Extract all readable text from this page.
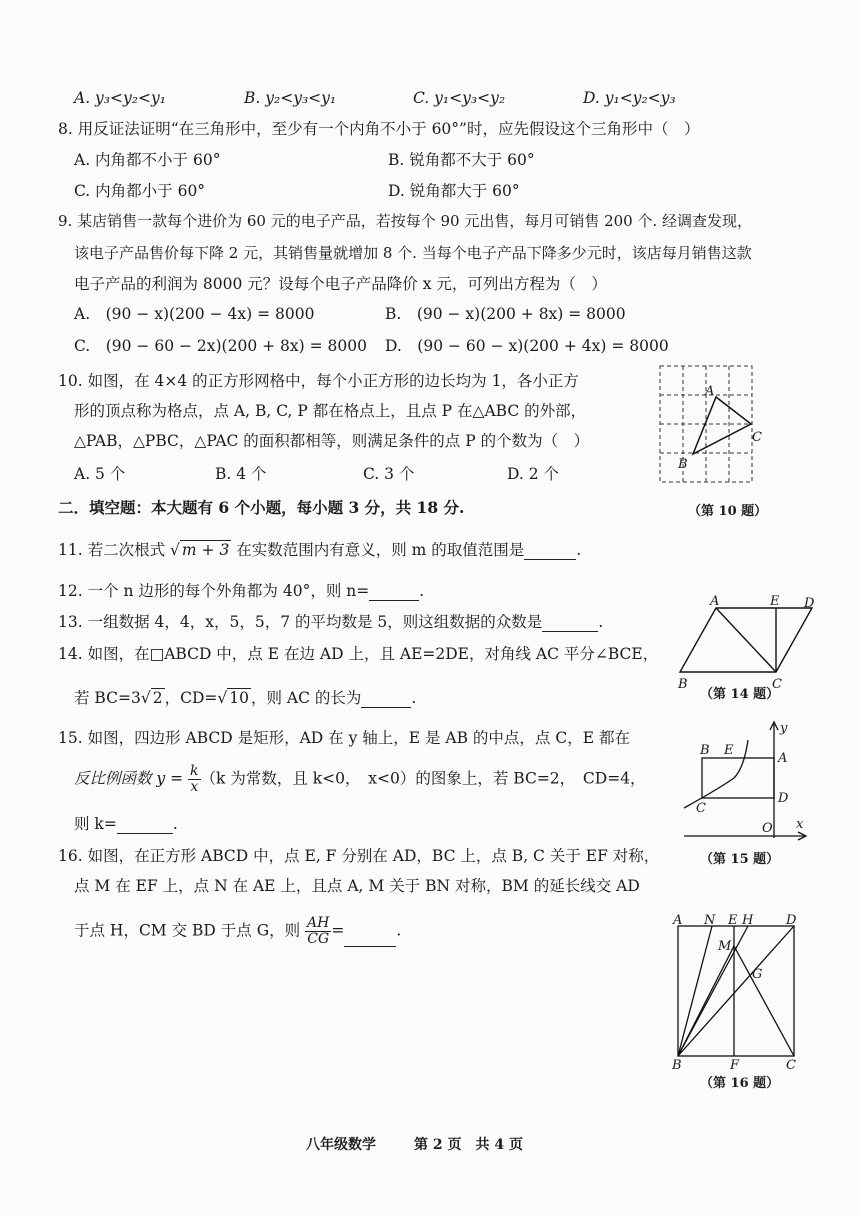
A. y₃<y₂<y₁	B. y₂<y₃<y₁	C. y₁<y₃<y₂	D. y₁<y₂<y₃
8. 用反证法证明“在三角形中，至少有一个内角不小于 60°”时，应先假设这个三角形中（　）
A. 内角都不小于 60°	B. 锐角都不大于 60°
C. 内角都小于 60°	D. 锐角都大于 60°
9. 某店销售一款每个进价为 60 元的电子产品，若按每个 90 元出售，每月可销售 200 个. 经调查发现，
该电子产品售价每下降 2 元，其销售量就增加 8 个. 当每个电子产品下降多少元时，该店每月销售这款
电子产品的利润为 8000 元？设每个电子产品降价 x 元，可列出方程为（　）
A.　(90 − x)(200 − 4x) = 8000	B.　(90 − x)(200 + 8x) = 8000
C.　(90 − 60 − 2x)(200 + 8x) = 8000 D.　(90 − 60 − x)(200 + 4x) = 8000
10. 如图，在 4×4 的正方形网格中，每个小正方形的边长均为 1，各小正方
形的顶点称为格点，点 A, B, C, P 都在格点上，且点 P 在△ABC 的外部，
△PAB，△PBC，△PAC 的面积都相等，则满足条件的点 P 的个数为（　）
A. 5 个	B. 4 个	C. 3 个	D. 2 个
A
B
C
（第 10 题）
二．填空题：本大题有 6 个小题，每小题 3 分，共 18 分.
11. 若二次根式 √ m + 3 在实数范围内有意义，则 m 的取值范围是	.
12. 一个 n 边形的每个外角都为 40°，则 n=	.
13. 一组数据 4，4，x，5，5，7 的平均数是 5，则这组数据的众数是	.
14. 如图，在□ABCD 中，点 E 在边 AD 上，且 AE=2DE，对角线 AC 平分∠BCE，
若 BC=3√ 2 ，CD=√ 10 ，则 AC 的长为	.
A	E D
B	C
（第 14 题）
15. 如图，四边形 ABCD 是矩形，AD 在 y 轴上，E 是 AB 的中点，点 C，E 都在
反比例函数 $y = \frac{k}{x} (k$ 为常数，且 k<0，　x<0）的图象上，若 BC=2，　CD=4，
则 k=	.
y
B E
A
C
D
O x
（第 15 题）
16. 如图，在正方形 ABCD 中，点 E, F 分别在 AD，BC 上，点 B, C 关于 EF 对称，
点 M 在 EF 上，点 N 在 AE 上，且点 A, M 关于 BN 对称，BM 的延长线交 AD
于点 H，CM 交 BD 于点 G，则 $\frac{AH}{CG}$ =	.
A N E H	D
M
G
B	F	C
（第 16 题）
八年级数学	第 2 页　共 4 页
